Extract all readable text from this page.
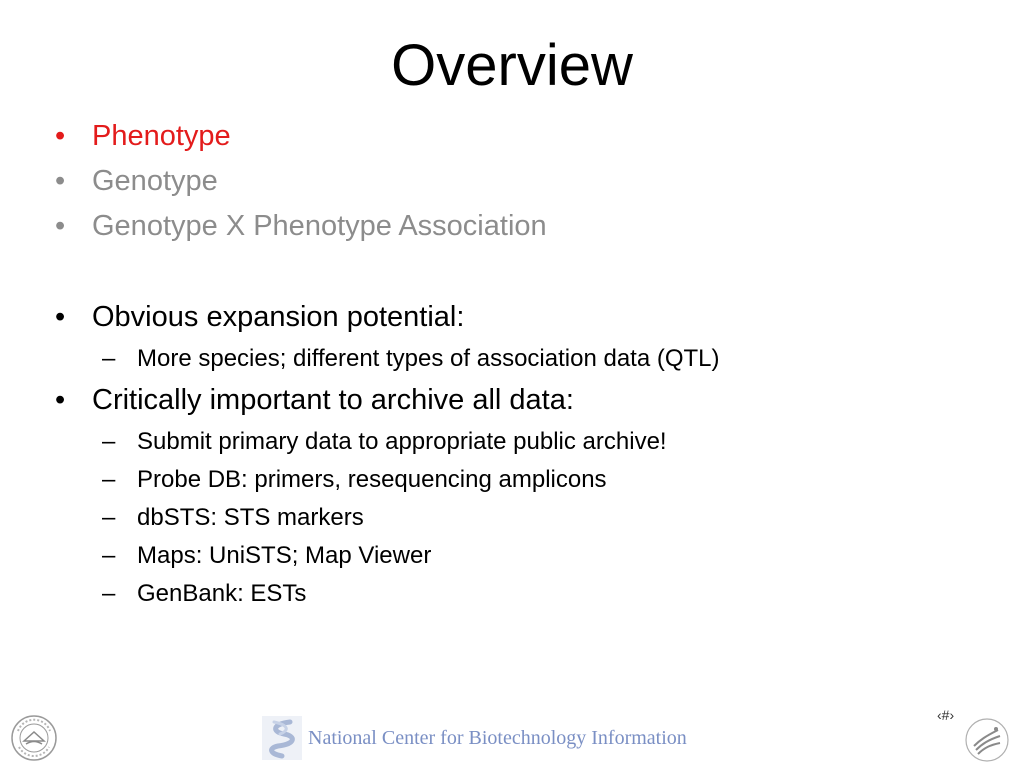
Overview
• Phenotype
• Genotype
• Genotype X Phenotype Association
• Obvious expansion potential:
– More species; different types of association data (QTL)
• Critically important to archive all data:
– Submit primary data to appropriate public archive!
– Probe DB: primers, resequencing amplicons
– dbSTS: STS markers
– Maps: UniSTS; Map Viewer
– GenBank: ESTs
National Center for Biotechnology Information
‹#›
